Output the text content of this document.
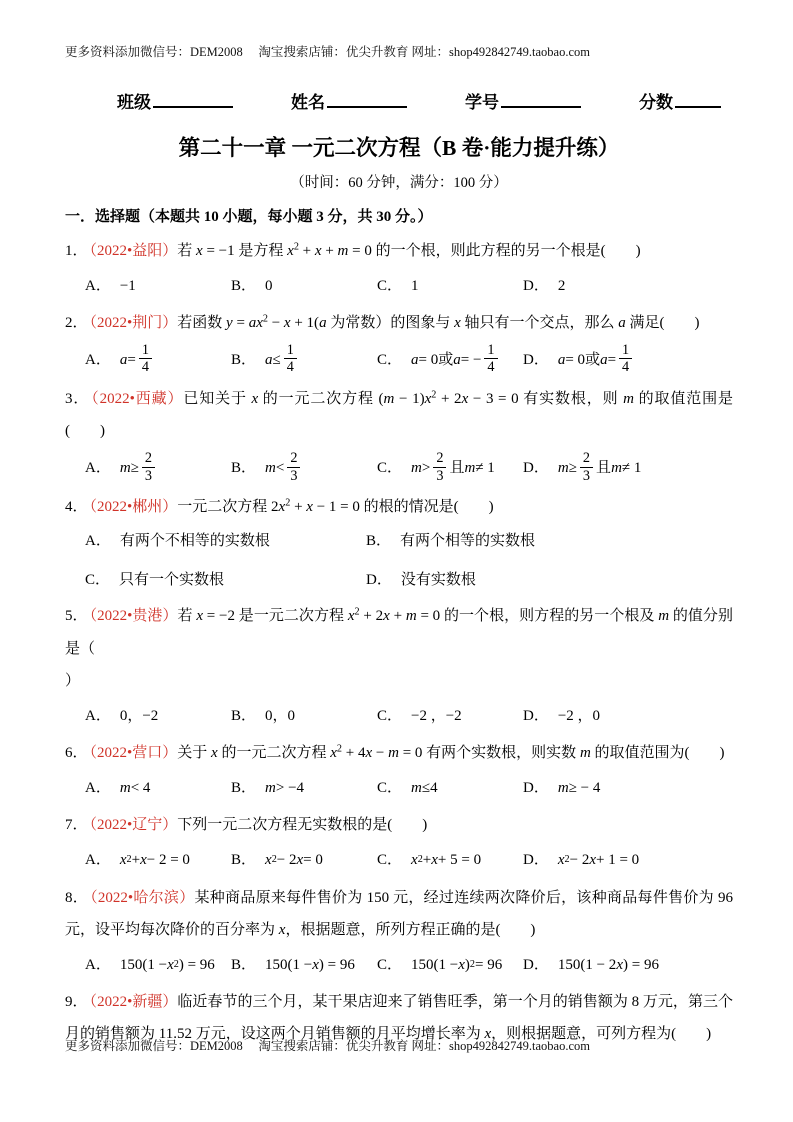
更多资料添加微信号：DEM2008　 淘宝搜索店铺：优尖升教育 网址：shop492842749.taobao.com
班级	姓名	学号	分数
第二十一章 一元二次方程（B 卷·能力提升练）
（时间：60 分钟，满分：100 分）
一．选择题（本题共 10 小题，每小题 3 分，共 30 分。）

1． （2022•益阳）若 x = −1 是方程 $x^2 + x + m = 0$ 的一个根，则此方程的另一个根是(　　)

A． −1	B． 0	C． 1	D． 2

2． （2022•荆门）若函数 $y = ax^2 - x + 1(a$ 为常数）的图象与 x 轴只有一个交点，那么 a 满足(　　)

A． $a = \frac{1}{4}$	B． $a \le \frac{1}{4}$	C． a = 0 或 a = − $\frac{1}{4}$ D． a = 0 或 $a = \frac{1}{4}$

3． （2022•西藏）已知关于 x 的一元二次方程 $(m - 1)x^2 + 2x - 3 = 0$ 有实数根，则 m 的取值范围是(　　)

A． $m \ge \frac{2}{3}$	B． $m < \frac{2}{3}$	C． $m > \frac{2}{3}$ 且 m ≠ 1 D． $m \ge \frac{2}{3}$ 且 m ≠ 1

4． （2022•郴州）一元二次方程 $2x^2 + x - 1 = 0$ 的根的情况是(　　)

A． 有两个不相等的实数根	B． 有两个相等的实数根
C． 只有一个实数根	D． 没有实数根

5． （2022•贵港）若 x = −2 是一元二次方程 $x^2 + 2x + m = 0$ 的一个根，则方程的另一个根及 m 的值分别是（
）

A． 0，−2	B． 0，0	C． −2 ，−2	D． −2 ，0

6． （2022•营口）关于 x 的一元二次方程 $x^2 + 4x - m = 0$ 有两个实数根，则实数 m 的取值范围为(　　)

A． m < 4	B． m > −4	C． m ≤4	D． m ≥ − 4

7． （2022•辽宁）下列一元二次方程无实数根的是(　　)

A． x 2 + x − 2 = 0	B． x 2 − 2 x = 0	C． x 2 + x + 5 = 0	D． x 2 − 2 x + 1 = 0

8． （2022•哈尔滨）某种商品原来每件售价为 150 元，经过连续两次降价后，该种商品每件售价为 96 元，设平均每次降价的百分率为 x，根据题意，所列方程正确的是(　　)

A． 150(1 − x 2 ) = 96 B． 150(1 − x ) = 96 C． 150(1 − x ) 2 = 96 D． 150(1 − 2 x ) = 96

9． （2022•新疆）临近春节的三个月，某干果店迎来了销售旺季，第一个月的销售额为 8 万元，第三个月的销售额为 11.52 万元，设这两个月销售额的月平均增长率为 x，则根据题意，可列方程为(　　)

更多资料添加微信号：DEM2008　 淘宝搜索店铺：优尖升教育 网址：shop492842749.taobao.com
